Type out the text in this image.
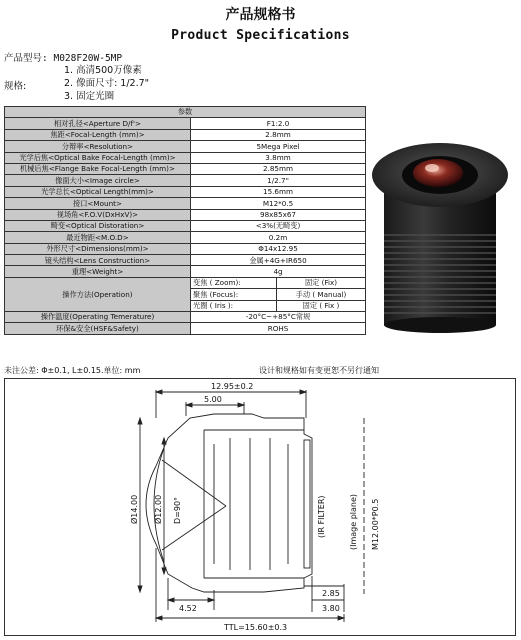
产品规格书
Product Specifications
产品型号: M028F20W-5MP
规格:
1. 高清500万像素
2. 像面尺寸: 1/2.7"
3. 固定光圈
参数		
相对孔径<Aperture D/f'>	F1:2.0	
焦距<Focal-Length (mm)>	2.8mm	
分辩率<Resolution>	5Mega Pixel	
光学后焦<Optical Bake Focal-Length (mm)>	3.8mm	
机械后焦<Flange Bake Focal-Length (mm)>	2.85mm	
像面大小<Image circle>	1/2.7"	
光学总长<Optical Length(mm)>	15.6mm	
接口<Mount>	M12*0.5	
视场角<F.O.V(DxHxV)>	98x85x67	
畸变<Optical Distoration>	<3%(无畸变)	
最近物距<M.O.D>	0.2m	
外形尺寸<Dimensions(mm)>	Φ14x12.95	
镜头结构<Lens Construction>	金属+4G+IR650	
重理<Weight>	4g	
操作方法(Operation)	变焦 ( Zoom):	固定 (Fix)
	聚焦 (Focus):	手动 ( Manual)
	光圈 ( Iris ):	固定 ( Fix )
操作温度(Operating Temerature)	-20°C~+85°C常规	
环保&安全(HSF&Safety)	ROHS	
未注公差: Φ±0.1, L±0.15.单位: mm	设计和规格如有变更恕不另行通知
12.95±0.2
5.00
Ø14.00 Ø12.00 D=90°	(IR FILTER)	(Image plane) M12.00*P0.5
2.85
3.80
4.52
TTL=15.60±0.3
